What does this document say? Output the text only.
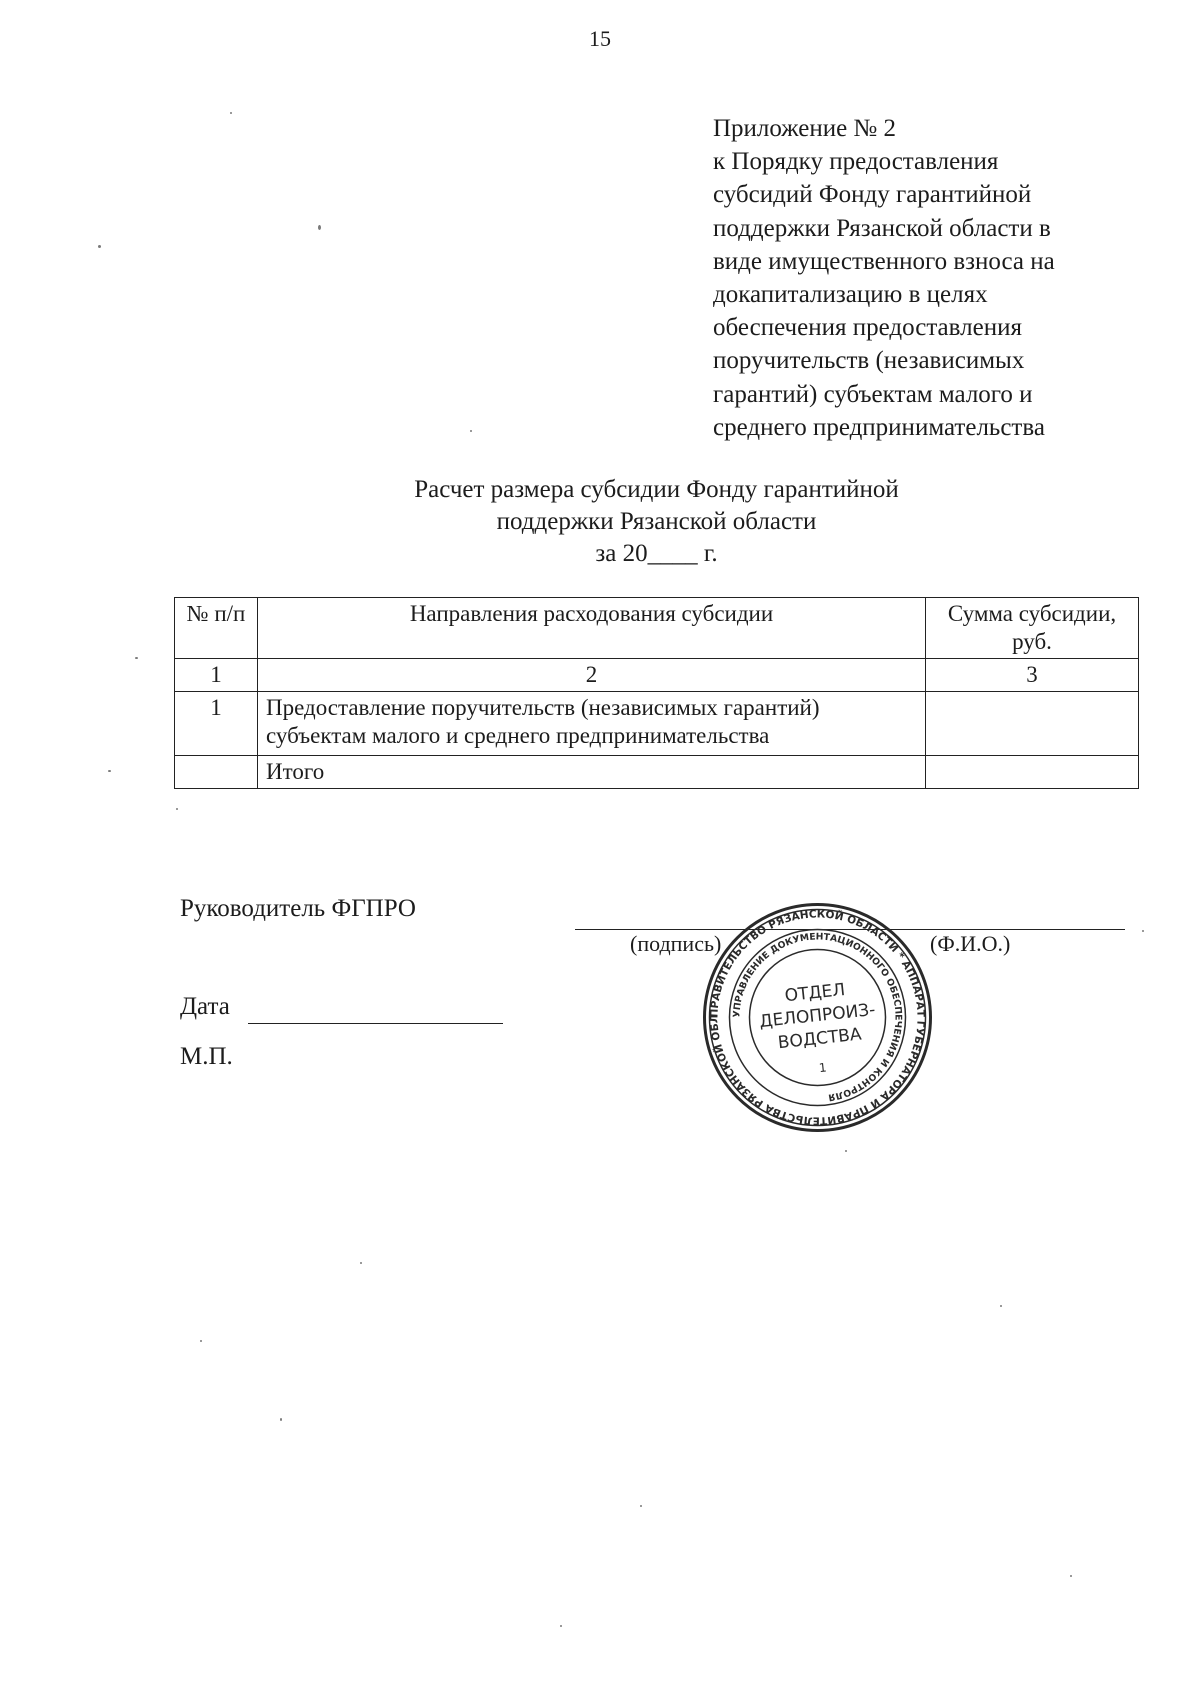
15
Приложение № 2
к Порядку предоставления
субсидий Фонду гарантийной
поддержки Рязанской области в
виде имущественного взноса на
докапитализацию в целях
обеспечения предоставления
поручительств (независимых
гарантий) субъектам малого и
среднего предпринимательства
Расчет размера субсидии Фонду гарантийной
поддержки Рязанской области
за 20____ г.
№ п/п	Направления расходования субсидии	Сумма субсидии, руб.
1	2	3
1	Предоставление поручительств (независимых гарантий) субъектам малого и среднего предпринимательства	
	Итого	
Руководитель ФГПРО
(подпись)	(Ф.И.О.)
Дата
М.П.
ПРАВИТЕЛЬСТВО РЯЗАНСКОЙ ОБЛАСТИ * АППАРАТ ГУБЕРНАТОРА И ПРАВИТЕЛЬСТВА РЯЗАНСКОЙ ОБЛ
УПРАВЛЕНИЕ ДОКУМЕНТАЦИОННОГО ОБЕСПЕЧЕНИЯ И КОНТРОЛЯ
ОТДЕЛ
ДЕЛОПРОИЗ-
ВОДСТВА
1
